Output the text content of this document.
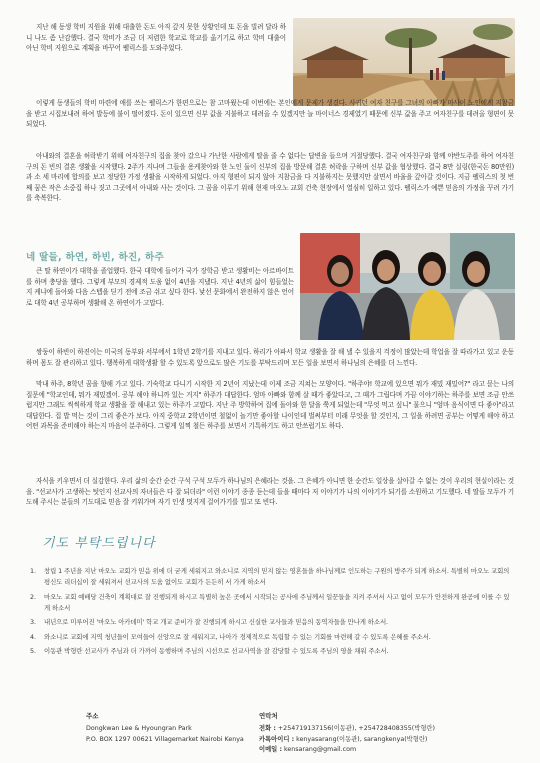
지난 해 동생 학비 지원을 위해 대출한 돈도 아직 갚지 못한 상황인데 또 돈을 빌려 달라 하니 나도 좀 난감했다. 결국 학비가 조금 더 저렴한 학교로 학교를 옮기기로 하고 학비 대출이 아닌 학비 지원으로 계획을 바꾸어 펠릭스를 도와주었다.

이렇게 동생들의 학비 마련에 애를 쓰는 펠릭스가 한편으로는 참 고마웠는데 이번에는 본인에게 문제가 생겼다. 사귀던 여자 친구를 그녀의 아빠가 마사이 노인에게 지참금을 받고 시집보내려 하여 발등에 불이 떨어졌다. 돈이 있으면 신부 값을 지불하고 데려올 수 있겠지만 늘 마이너스 경제였기 때문에 신부 값을 주고 여자친구를 데려올 형편이 못 되었다.

아내와의 결혼을 허락받기 위해 여자친구의 집을 찾아 갔으나 가난한 사람에게 딸을 줄 수 없다는 답변을 들으며 거절당했다. 결국 여자친구와 함께 야반도주를 하여 여자친구의 돈 빈의 결혼 생활을 시작했다. 2주가 지나며 그들을 용케찾아와 한 노인 둘이 신부의 집을 방문해 결혼 허락을 구하며 신부 값을 협상했다. 결국 8만 실링(한국돈 80만원)과 소 세 마리에 합의를 보고 정당한 가정 생활을 시작하게 되었다. 아직 형편이 되지 않아 지참금을 다 지불하지는 못했지만 살면서 바울을 갚아갈 것이다. 지금 펠릭스의 첫 번째 꿈은 작은 소중집 하나 짓고 그곳에서 아내와 사는 것이다. 그 꿈을 이루기 위해 현재 마오노 교회 건축 현장에서 열심히 일하고 있다. 펠릭스가 예쁜 믿음의 가정을 꾸려 가기를 축복한다.

네 딸들, 하연, 하빈, 하진, 하주

큰 딸 하연이가 대학을 졸업했다. 한국 대학에 들어가 국가 장학금 받고 생활비는 아르바이트를 하며 충당을 했다. 그렇게 부모의 경제적 도움 없이 4년을 지냈다. 지난 4년의 삶이 힘들었는지 케냐에 돌아와 다음 스텝을 딛기 전에 조금 쉬고 싶다 한다. 낯선 문화에서 완전하지 않은 언어로 대학 4년 공부하며 생활해 온 하연이가 고맙다.

쌍둥이 하빈이 하진이는 미국의 동부와 서부에서 1학년 2학기를 지내고 있다. 하리가 아파서 학교 생활을 잘 해 낼 수 있을지 걱정이 많았는데 학업을 잘 따라가고 있고 운동하며 몸도 잘 관리하고 있다. 행복하게 대학생활 할 수 있도록 앞으로도 많은 기도를 부탁드리며 모든 일을 보면서 하나님의 은혜를 더 느낀다.

막내 하주, 8학년 꿈을 향해 가고 있다. 기숙학교 다니기 시작한 지 2년이 지났는데 이제 조금 지쳐는 모양이다. "하주야! 학교에 있으면 뭐가 재밌 재밌어?" 라고 묻는 나의 질문에 "학교인데, 뭐가 재밌겠어. 공부 해야 하니까 있는 거지" 하주가 대답한다. 엄마 아빠와 함께 살 때가 좋았다고, 그 때가 그립다며 가끔 이야기하는 하주를 보면 조금 안쓰럽지만 그래도 씩씩하게 학교 생활을 잘 해내고 있는 하주가 고맙다. 지난 주 방학하여 집에 돌아와 한 달을 쭉게 되었는데 "무엇 먹고 싶니" 물으니 "엄마 음식이면 다 좋아"라고 대답한다. 집 밥 먹는 것이 그리 좋은가 보다. 아직 중학교 2학년이면 철없이 놀기만 좋아할 나이인데 벌써부터 미래 무엇을 할 것인지, 그 일을 하려면 공부는 어떻게 해야 하고 어떤 과목을 준비해야 하는지 마음이 분주하다. 그렇게 일찍 철든 하주를 보면서 기특하기도 하고 안쓰럽기도 하다.

자식을 키우면서 더 실감한다. 우리 삶의 순간 순간 구석 구석 모두가 하나님의 은혜라는 것을. 그 은혜가 아니면 한 순간도 일상을 살아갈 수 없는 것이 우리의 현실이라는 것을. "선교사가 고생하는 텃인지 선교사의 자녀들은 다 잘 되더라" 이런 이야기 종종 듣는데 들을 때마다 저 이야기가 나의 이야기가 되기를 소원하고 기도했다. 네 딸들 모두가 기도해 주시는 분들의 기도대로 믿음 잘 키워가며 자기 인생 멋지게 걸어가기를 빌고 또 빈다.

기도 부탁드립니다

1. 창립 1 주년을 지난 마오노 교회가 믿음 위에 더 굳게 세워지고 와소니로 지역의 믿지 않는 영혼들을 하나님께로 인도하는 구원의 방주가 되게 하소서. 특별히 마오노 교회의 평신도 리더십이 잘 세워져서 선교사의 도움 없이도 교회가 든든히 서 가게 하소서
2. 마오노 교회 예배당 건축이 계획대로 잘 진행되게 하시고 특별히 높은 곳에서 시작되는 공사에 주님께서 일꾼들을 지켜 주셔서 사고 없이 모두가 안전하게 완공에 이를 수 있게 하소서
3. 내년으로 미루어진 '마오노 아카데미' 학교 개교 준비가 잘 진행되게 하시고 신실한 교사들과 믿음의 동역자들을 만나게 하소서.
4. 와소니로 교회에 지역 청년들이 모여들어 신앙으로 잘 세워지고, 나아가 경제적으로 독립할 수 있는 기회를 마련해 갈 수 있도록 은혜를 주소서.
5. 이동관 박형란 선교사가 주님과 더 가까이 동행하며 주님의 시선으로 선교사역을 잘 감당할 수 있도록 주님의 영을 채워 주소서.
주소
Dongkwan Lee & Hyoungran Park
P.O. BOX 1297 00621 Villagemarket Nairobi Kenya
연락처
전화 : +254719137156(이동관), +254728408355(박형란)
카톡아이디 : kenyasarang(이동관), sarangkenya(박형란)
이메일 : kensarang@gmail.com
